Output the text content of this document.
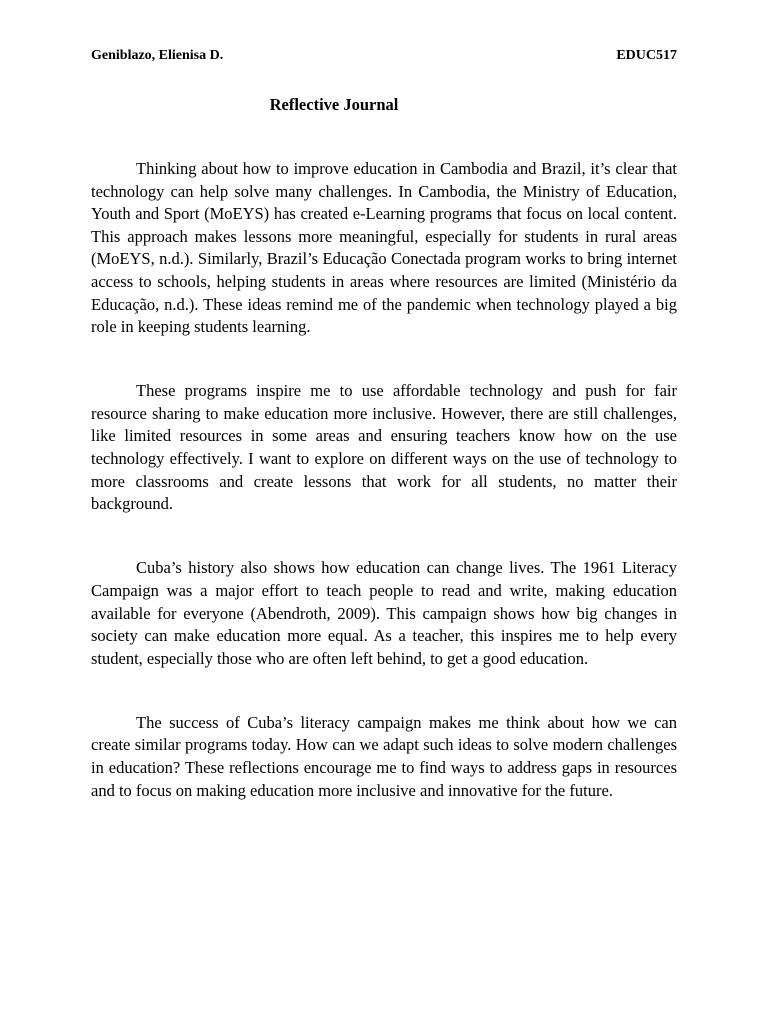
Geniblazo, Elienisa D.	EDUC517
Reflective Journal

Thinking about how to improve education in Cambodia and Brazil, it’s clear that technology can help solve many challenges. In Cambodia, the Ministry of Education, Youth and Sport (MoEYS) has created e-Learning programs that focus on local content. This approach makes lessons more meaningful, especially for students in rural areas (MoEYS, n.d.). Similarly, Brazil’s Educação Conectada program works to bring internet access to schools, helping students in areas where resources are limited (Ministério da Educação, n.d.). These ideas remind me of the pandemic when technology played a big role in keeping students learning.

These programs inspire me to use affordable technology and push for fair resource sharing to make education more inclusive. However, there are still challenges, like limited resources in some areas and ensuring teachers know how on the use technology effectively. I want to explore on different ways on the use of technology to more classrooms and create lessons that work for all students, no matter their background.

Cuba’s history also shows how education can change lives. The 1961 Literacy Campaign was a major effort to teach people to read and write, making education available for everyone (Abendroth, 2009). This campaign shows how big changes in society can make education more equal. As a teacher, this inspires me to help every student, especially those who are often left behind, to get a good education.

The success of Cuba’s literacy campaign makes me think about how we can create similar programs today. How can we adapt such ideas to solve modern challenges in education? These reflections encourage me to find ways to address gaps in resources and to focus on making education more inclusive and innovative for the future.
